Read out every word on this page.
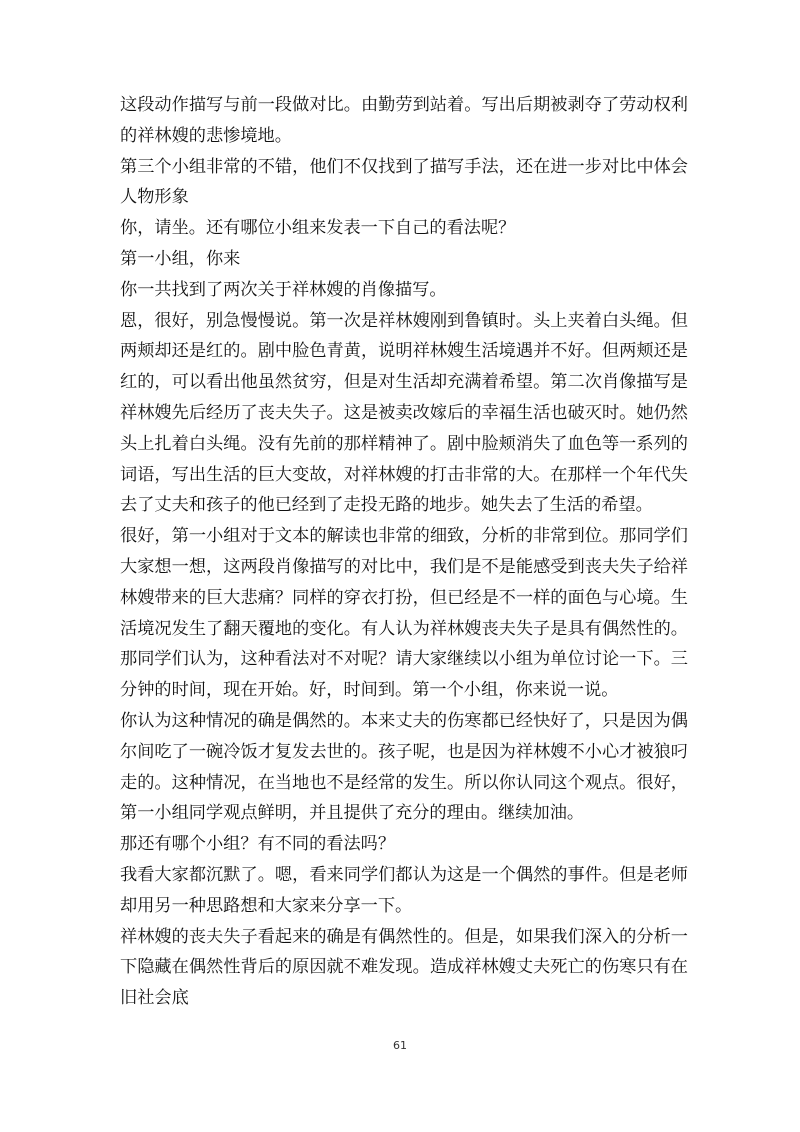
这段动作描写与前一段做对比。由勤劳到站着。写出后期被剥夺了劳动权利的祥林嫂的悲惨境地。

第三个小组非常的不错，他们不仅找到了描写手法，还在进一步对比中体会人物形象

你，请坐。还有哪位小组来发表一下自己的看法呢？

第一小组，你来

你一共找到了两次关于祥林嫂的肖像描写。

恩，很好，别急慢慢说。第一次是祥林嫂刚到鲁镇时。头上夹着白头绳。但两颊却还是红的。剧中脸色青黄，说明祥林嫂生活境遇并不好。但两颊还是红的，可以看出他虽然贫穷，但是对生活却充满着希望。第二次肖像描写是祥林嫂先后经历了丧夫失子。这是被卖改嫁后的幸福生活也破灭时。她仍然头上扎着白头绳。没有先前的那样精神了。剧中脸颊消失了血色等一系列的词语，写出生活的巨大变故，对祥林嫂的打击非常的大。在那样一个年代失去了丈夫和孩子的他已经到了走投无路的地步。她失去了生活的希望。

很好，第一小组对于文本的解读也非常的细致，分析的非常到位。那同学们大家想一想，这两段肖像描写的对比中，我们是不是能感受到丧夫失子给祥林嫂带来的巨大悲痛？同样的穿衣打扮，但已经是不一样的面色与心境。生活境况发生了翻天覆地的变化。有人认为祥林嫂丧夫失子是具有偶然性的。那同学们认为，这种看法对不对呢？请大家继续以小组为单位讨论一下。三分钟的时间，现在开始。好，时间到。第一个小组，你来说一说。

你认为这种情况的确是偶然的。本来丈夫的伤寒都已经快好了，只是因为偶尔间吃了一碗冷饭才复发去世的。孩子呢，也是因为祥林嫂不小心才被狼叼走的。这种情况，在当地也不是经常的发生。所以你认同这个观点。很好，第一小组同学观点鲜明，并且提供了充分的理由。继续加油。

那还有哪个小组？有不同的看法吗？

我看大家都沉默了。嗯，看来同学们都认为这是一个偶然的事件。但是老师却用另一种思路想和大家来分享一下。

祥林嫂的丧夫失子看起来的确是有偶然性的。但是，如果我们深入的分析一下隐藏在偶然性背后的原因就不难发现。造成祥林嫂丈夫死亡的伤寒只有在旧社会底

61
